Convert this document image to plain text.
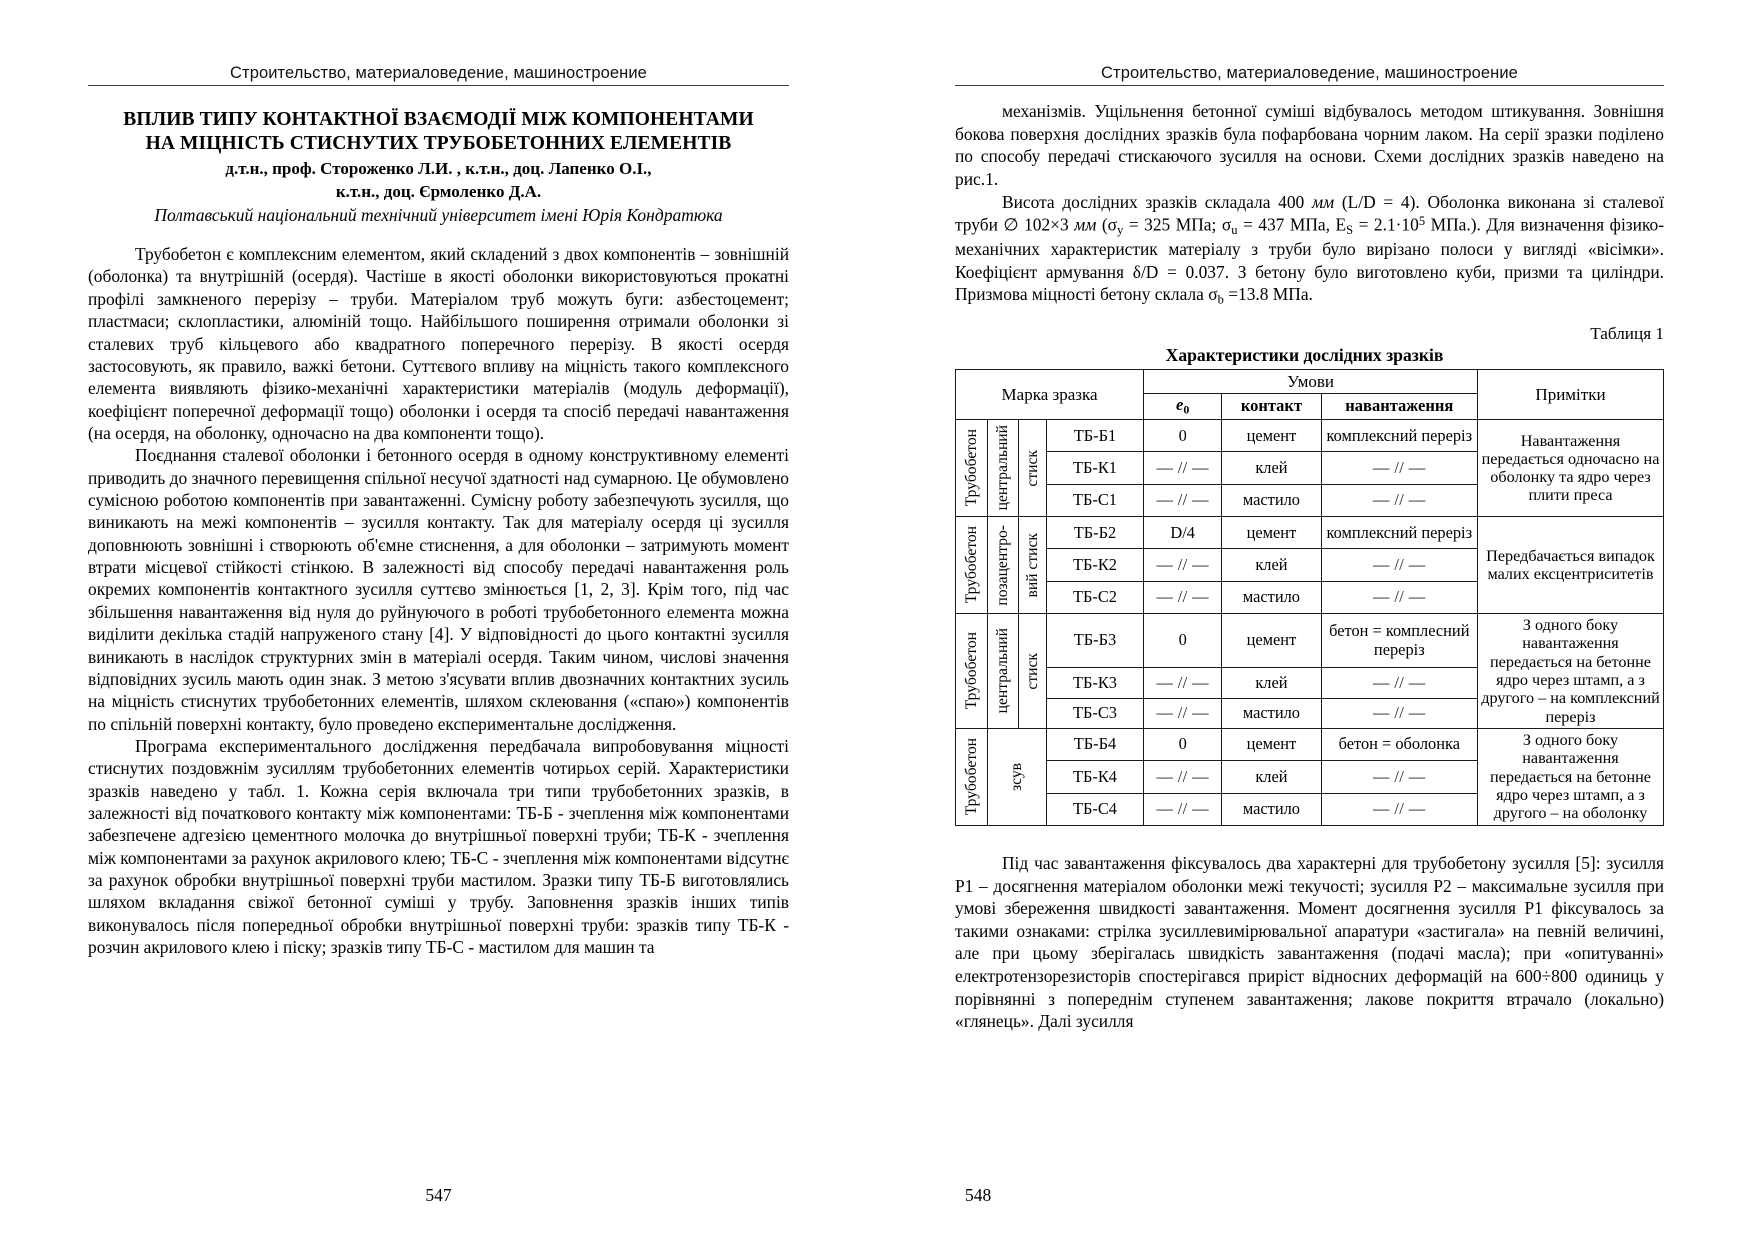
Строительство, материаловедение, машиностроение
ВПЛИВ ТИПУ КОНТАКТНОЇ ВЗАЄМОДІЇ МІЖ КОМПОНЕНТАМИ
НА МІЦНІСТЬ СТИСНУТИХ ТРУБОБЕТОННИХ ЕЛЕМЕНТІВ
д.т.н., проф. Стороженко Л.И. , к.т.н., доц. Лапенко О.І.,
к.т.н., доц. Єрмоленко Д.А.
Полтавський національний технічний університет імені Юрія Кондратюка

Трубобетон є комплексним елементом, який складений з двох компонентів – зовнішній (оболонка) та внутрішній (осердя). Частіше в якості оболонки використовуються прокатні профілі замкненого перерізу – труби. Матеріалом труб можуть буги: азбестоцемент; пластмаси; склопластики, алюміній тощо. Найбільшого поширення отримали оболонки зі сталевих труб кільцевого або квадратного поперечного перерізу. В якості осердя застосовують, як правило, важкі бетони. Суттєвого впливу на міцність такого комплексного елемента виявляють фізико-механічні характеристики матеріалів (модуль деформації), коефіцієнт поперечної деформації тощо) оболонки і осердя та спосіб передачі навантаження (на осердя, на оболонку, одночасно на два компоненти тощо).

Поєднання сталевої оболонки і бетонного осердя в одному конструктивному елементі приводить до значного перевищення спільної несучої здатності над сумарною. Це обумовлено сумісною роботою компонентів при завантаженні. Сумісну роботу забезпечують зусилля, що виникають на межі компонентів – зусилля контакту. Так для матеріалу осердя ці зусилля доповнюють зовнішні і створюють об'ємне стиснення, а для оболонки – затримують момент втрати місцевої стійкості стінкою. В залежності від способу передачі навантаження роль окремих компонентів контактного зусилля суттєво змінюється [1, 2, 3]. Крім того, під час збільшення навантаження від нуля до руйнуючого в роботі трубобетонного елемента можна виділити декілька стадій напруженого стану [4]. У відповідності до цього контактні зусилля виникають в наслідок структурних змін в матеріалі осердя. Таким чином, числові значення відповідних зусиль мають один знак. З метою з'ясувати вплив двозначних контактних зусиль на міцність стиснутих трубобетонних елементів, шляхом склеювання («спаю») компонентів по спільній поверхні контакту, було проведено експериментальне дослідження.

Програма експериментального дослідження передбачала випробовування міцності стиснутих поздовжнім зусиллям трубобетонних елементів чотирьох серій. Характеристики зразків наведено у табл. 1. Кожна серія включала три типи трубобетонних зразків, в залежності від початкового контакту між компонентами: ТБ-Б - зчеплення між компонентами забезпечене адгезією цементного молочка до внутрішньої поверхні труби; ТБ-К - зчеплення між компонентами за рахунок акрилового клею; ТБ-С - зчеплення між компонентами відсутнє за рахунок обробки внутрішньої поверхні труби мастилом. Зразки типу ТБ-Б виготовлялись шляхом вкладання свіжої бетонної суміші у трубу. Заповнення зразків інших типів виконувалось після попередньої обробки внутрішньої поверхні труби: зразків типу ТБ-К - розчин акрилового клею і піску; зразків типу ТБ-С - мастилом для машин та

547
Строительство, материаловедение, машиностроение

механізмів. Ущільнення бетонної суміші відбувалось методом штикування. Зовнішня бокова поверхня дослідних зразків була пофарбована чорним лаком. На серії зразки поділено по способу передачі стискаючого зусилля на основи. Схеми дослідних зразків наведено на рис.1.

Висота дослідних зразків складала 400 мм (L/D = 4). Оболонка виконана зі сталевої труби ∅ 102×3 мм ($\sigma_y = 325$ МПа; $\sigma_u = 437$ МПа, $E_S = 2.1\cdot 10^5$ МПа.). Для визначення фізико-механічних характеристик матеріалу з труби було вирізано полоси у вигляді «вісімки». Коефіцієнт армування δ/D = 0.037. З бетону було виготовлено куби, призми та циліндри. Призмова міцності бетону склала $\sigma_b =13.8$ МПа.

Таблиця 1
Характеристики дослідних зразків
Марка зразка				Умови			Примітки
				$e_0$	контакт	навантаження	

Трубобетон	центральний	стиск	ТБ-Б1	0	цемент	комплексний переріз	Навантаження передається одночасно на оболонку та ядро через плити преса
			ТБ-К1	— // —	клей	— // —	
			ТБ-С1	— // —	мастило	— // —	

Трубобетон	позацентро-	вий стиск	ТБ-Б2	D/4	цемент	комплексний переріз	Передбачається випадок малих ексцентриситетів
			ТБ-К2	— // —	клей	— // —	
			ТБ-С2	— // —	мастило	— // —	

Трубобетон	центральний	стиск	ТБ-Б3	0	цемент	бетон = комплесний переріз	З одного боку навантаження передається на бетонне ядро через штамп, а з другого – на комплексний переріз
			ТБ-К3	— // —	клей	— // —	
			ТБ-С3	— // —	мастило	— // —	

Трубобетон	зсув		ТБ-Б4	0	цемент	бетон = оболонка	З одного боку навантаження передається на бетонне ядро через штамп, а з другого – на оболонку
			ТБ-К4	— // —	клей	— // —	
			ТБ-С4	— // —	мастило	— // —	

Під час завантаження фіксувалось два характерні для трубобетону зусилля [5]: зусилля Р1 – досягнення матеріалом оболонки межі текучості; зусилля Р2 – максимальне зусилля при умові збереження швидкості завантаження. Момент досягнення зусилля Р1 фіксувалось за такими ознаками: стрілка зусиллевимірювальної апаратури «застигала» на певній величині, але при цьому зберігалась швидкість завантаження (подачі масла); при «опитуванні» електротензорезисторів спостерігався приріст відносних деформацій на 600÷800 одиниць у порівнянні з попереднім ступенем завантаження; лакове покриття втрачало (локально) «глянець». Далі зусилля

548
